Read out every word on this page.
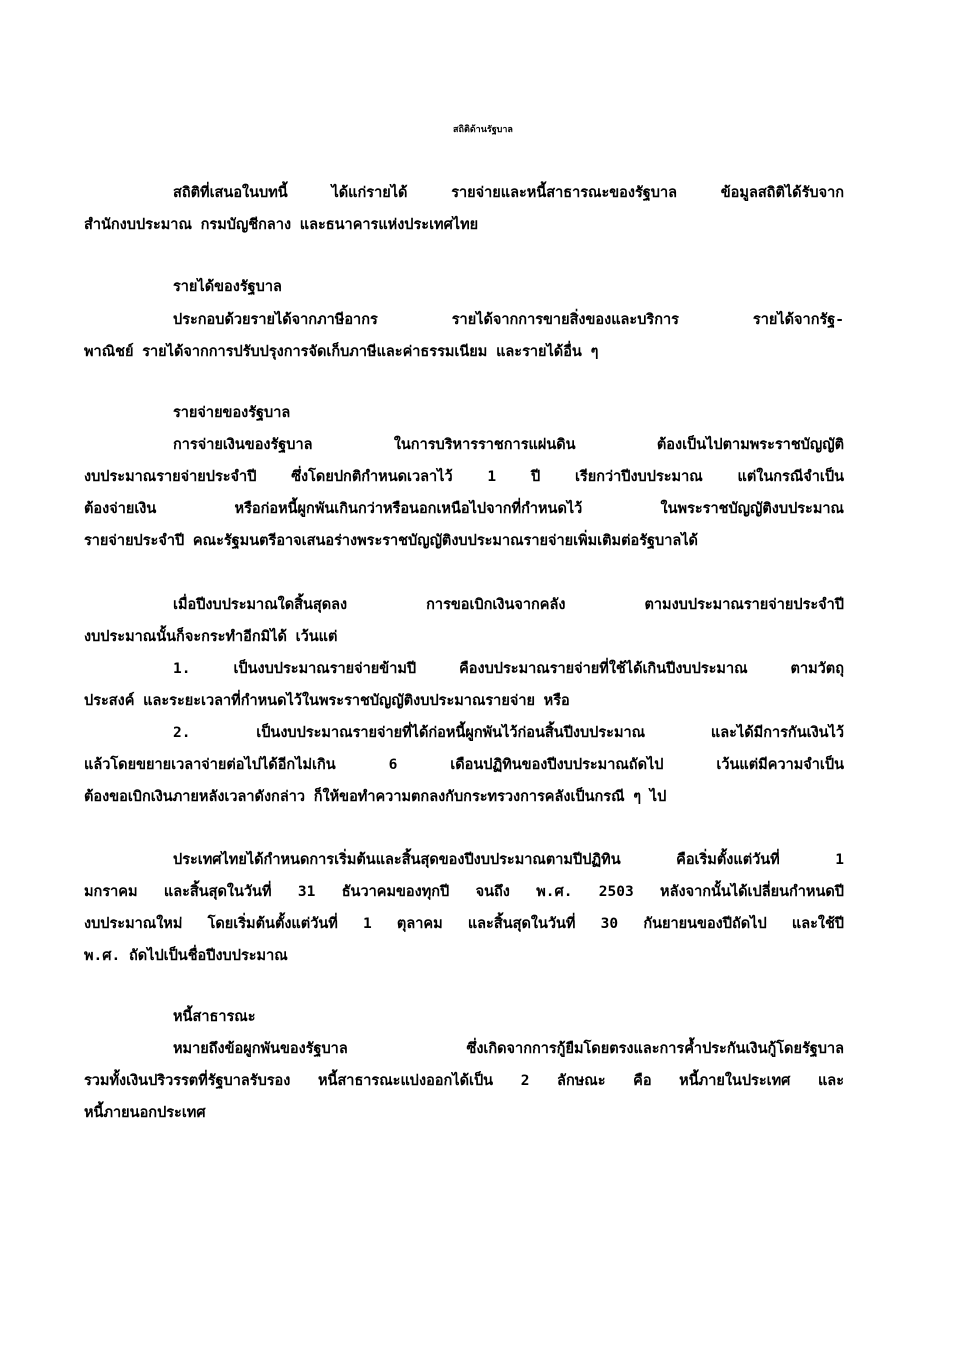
สถิติด้านรัฐบาล

สถิติที่เสนอในบทนี้ ได้แก่รายได้ รายจ่ายและหนี้สาธารณะของรัฐบาล ข้อมูลสถิติได้รับจาก

สำนักงบประมาณ กรมบัญชีกลาง และธนาคารแห่งประเทศไทย

รายได้ของรัฐบาล

ประกอบด้วยรายได้จากภาษีอากร รายได้จากการขายสิ่งของและบริการ รายได้จากรัฐ-

พาณิชย์ รายได้จากการปรับปรุงการจัดเก็บภาษีและค่าธรรมเนียม และรายได้อื่น ๆ

รายจ่ายของรัฐบาล

การจ่ายเงินของรัฐบาล ในการบริหารราชการแผ่นดิน ต้องเป็นไปตามพระราชบัญญัติ

งบประมาณรายจ่ายประจำปี ซึ่งโดยปกติกำหนดเวลาไว้ 1 ปี เรียกว่าปีงบประมาณ แต่ในกรณีจำเป็น

ต้องจ่ายเงิน หรือก่อหนี้ผูกพันเกินกว่าหรือนอกเหนือไปจากที่กำหนดไว้ ในพระราชบัญญัติงบประมาณ

รายจ่ายประจำปี คณะรัฐมนตรีอาจเสนอร่างพระราชบัญญัติงบประมาณรายจ่ายเพิ่มเติมต่อรัฐบาลได้

เมื่อปีงบประมาณใดสิ้นสุดลง การขอเบิกเงินจากคลัง ตามงบประมาณรายจ่ายประจำปี

งบประมาณนั้นก็จะกระทำอีกมิได้ เว้นแต่

1. เป็นงบประมาณรายจ่ายข้ามปี คืองบประมาณรายจ่ายที่ใช้ได้เกินปีงบประมาณ ตามวัตถุ

ประสงค์ และระยะเวลาที่กำหนดไว้ในพระราชบัญญัติงบประมาณรายจ่าย หรือ

2. เป็นงบประมาณรายจ่ายที่ได้ก่อหนี้ผูกพันไว้ก่อนสิ้นปีงบประมาณ และได้มีการกันเงินไว้

แล้วโดยขยายเวลาจ่ายต่อไปได้อีกไม่เกิน 6 เดือนปฏิทินของปีงบประมาณถัดไป เว้นแต่มีความจำเป็น

ต้องขอเบิกเงินภายหลังเวลาดังกล่าว ก็ให้ขอทำความตกลงกับกระทรวงการคลังเป็นกรณี ๆ ไป

ประเทศไทยได้กำหนดการเริ่มต้นและสิ้นสุดของปีงบประมาณตามปีปฏิทิน คือเริ่มตั้งแต่วันที่ 1

มกราคม และสิ้นสุดในวันที่ 31 ธันวาคมของทุกปี จนถึง พ.ศ. 2503 หลังจากนั้นได้เปลี่ยนกำหนดปี

งบประมาณใหม่ โดยเริ่มต้นตั้งแต่วันที่ 1 ตุลาคม และสิ้นสุดในวันที่ 30 กันยายนของปีถัดไป และใช้ปี

พ.ศ. ถัดไปเป็นชื่อปีงบประมาณ

หนี้สาธารณะ

หมายถึงข้อผูกพันของรัฐบาล ซึ่งเกิดจากการกู้ยืมโดยตรงและการค้ำประกันเงินกู้โดยรัฐบาล

รวมทั้งเงินปริวรรตที่รัฐบาลรับรอง หนี้สาธารณะแบ่งออกได้เป็น 2 ลักษณะ คือ หนี้ภายในประเทศ และ

หนี้ภายนอกประเทศ
